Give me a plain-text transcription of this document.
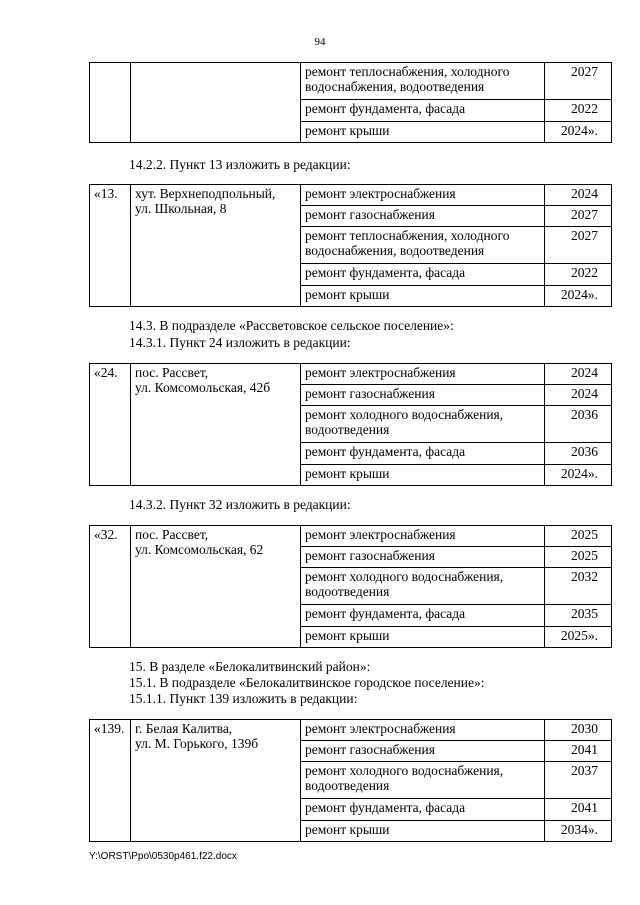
94
		ремонт теплоснабжения, холодного водоснабжения, водоотведения	2027
		ремонт фундамента, фасада	2022
		ремонт крыши	2024».
14.2.2. Пункт 13 изложить в редакции:
«13.	хут. Верхнеподпольный,
ул. Школьная, 8	ремонт электроснабжения	2024
		ремонт газоснабжения	2027
		ремонт теплоснабжения, холодного водоснабжения, водоотведения	2027
		ремонт фундамента, фасада	2022
		ремонт крыши	2024».
14.3. В подразделе «Рассветовское сельское поселение»:
14.3.1. Пункт 24 изложить в редакции:
«24.	пос. Рассвет,
ул. Комсомольская, 42б	ремонт электроснабжения	2024
		ремонт газоснабжения	2024
		ремонт холодного водоснабжения, водоотведения	2036
		ремонт фундамента, фасада	2036
		ремонт крыши	2024».
14.3.2. Пункт 32 изложить в редакции:
«32.	пос. Рассвет,
ул. Комсомольская, 62	ремонт электроснабжения	2025
		ремонт газоснабжения	2025
		ремонт холодного водоснабжения, водоотведения	2032
		ремонт фундамента, фасада	2035
		ремонт крыши	2025».
15. В разделе «Белокалитвинский район»:
15.1. В подразделе «Белокалитвинское городское поселение»:
15.1.1. Пункт 139 изложить в редакции:
«139.	г. Белая Калитва,
ул. М. Горького, 139б	ремонт электроснабжения	2030
		ремонт газоснабжения	2041
		ремонт холодного водоснабжения, водоотведения	2037
		ремонт фундамента, фасада	2041
		ремонт крыши	2034».
Y:\ORST\Ppo\0530p461.f22.docx
